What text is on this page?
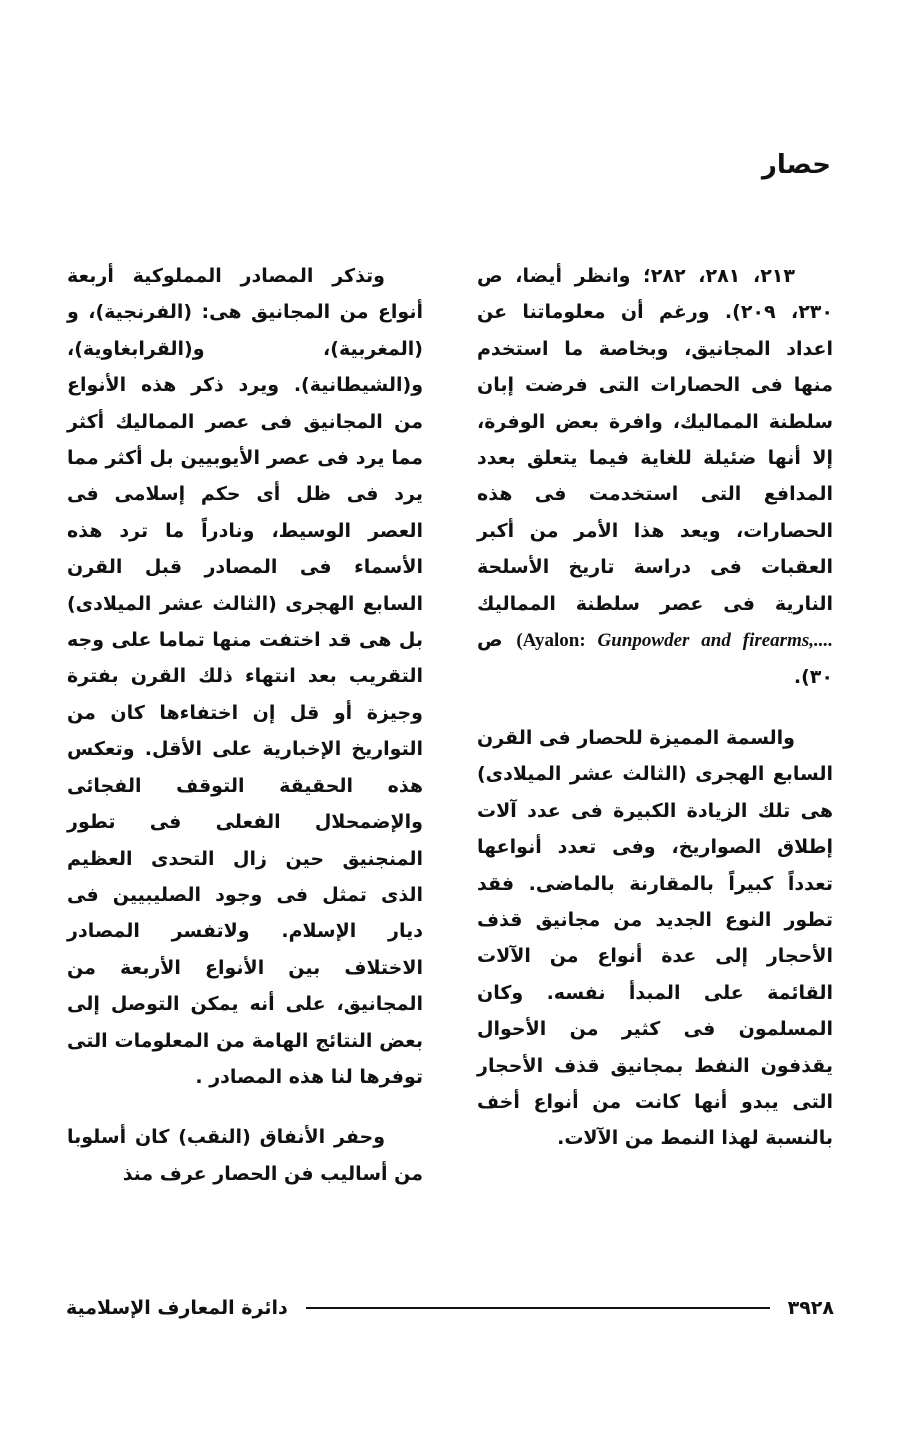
حصار

٢١٣، ٢٨١، ٢٨٢؛ وانظر أيضا، ص ٢٣٠، ٢٠٩). ورغم أن معلوماتنا عن اعداد المجانيق، وبخاصة ما استخدم منها فى الحصارات التى فرضت إبان سلطنة المماليك، وافرة بعض الوفرة، إلا أنها ضئيلة للغاية فيما يتعلق بعدد المدافع التى استخدمت فى هذه الحصارات، ويعد هذا الأمر من أكبر العقبات فى دراسة تاريخ الأسلحة النارية فى عصر سلطنة المماليك (Ayalon: Gunpowder and firearms,.... ص ٣٠).

والسمة المميزة للحصار فى القرن السابع الهجرى (الثالث عشر الميلادى) هى تلك الزيادة الكبيرة فى عدد آلات إطلاق الصواريخ، وفى تعدد أنواعها تعدداً كبيراً بالمقارنة بالماضى. فقد تطور النوع الجديد من مجانيق قذف الأحجار إلى عدة أنواع من الآلات القائمة على المبدأ نفسه. وكان المسلمون فى كثير من الأحوال يقذفون النفط بمجانيق قذف الأحجار التى يبدو أنها كانت من أنواع أخف بالنسبة لهذا النمط من الآلات.

وتذكر المصادر المملوكية أربعة أنواع من المجانيق هى: (الفرنجية)، و (المغربية)، و(القرابغاوية)، و(الشيطانية). ويرد ذكر هذه الأنواع من المجانيق فى عصر المماليك أكثر مما يرد فى عصر الأيوبيين بل أكثر مما يرد فى ظل أى حكم إسلامى فى العصر الوسيط، ونادراً ما ترد هذه الأسماء فى المصادر قبل القرن السابع الهجرى (الثالث عشر الميلادى) بل هى قد اختفت منها تماما على وجه التقريب بعد انتهاء ذلك القرن بفترة وجيزة أو قل إن اختفاءها كان من التواريخ الإخبارية على الأقل. وتعكس هذه الحقيقة التوقف الفجائى والإضمحلال الفعلى فى تطور المنجنيق حين زال التحدى العظيم الذى تمثل فى وجود الصليبيين فى ديار الإسلام. ولاتفسر المصادر الاختلاف بين الأنواع الأربعة من المجانيق، على أنه يمكن التوصل إلى بعض النتائج الهامة من المعلومات التى توفرها لنا هذه المصادر .

وحفر الأنفاق (النقب) كان أسلوبا من أساليب فن الحصار عرف منذ

٣٩٢٨
دائرة المعارف الإسلامية
